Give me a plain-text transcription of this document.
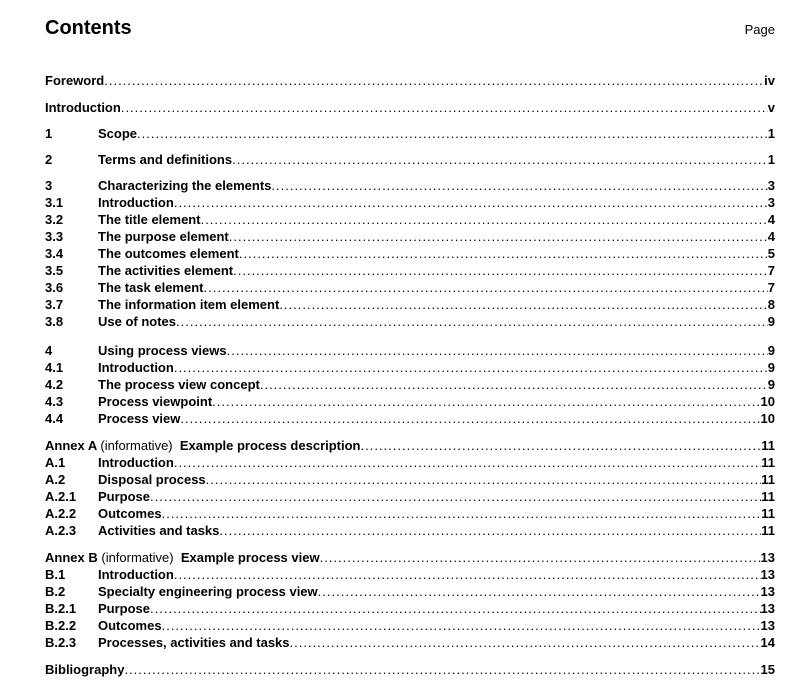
Contents	Page
Foreword .....	iv
Introduction .....	v
1	Scope .....	1
2	Terms and definitions .....	1
3	Characterizing the elements .....	3
3.1	Introduction .....	3
3.2	The title element .....	4
3.3	The purpose element .....	4
3.4	The outcomes element .....	5
3.5	The activities element .....	7
3.6	The task element .....	7
3.7	The information item element .....	8
3.8	Use of notes .....	9
4	Using process views .....	9
4.1	Introduction .....	9
4.2	The process view concept .....	9
4.3	Process viewpoint .....	10
4.4	Process view .....	10
Annex A (informative) Example process description .....	11
A.1	Introduction .....	11
A.2	Disposal process .....	11
A.2.1	Purpose .....	11
A.2.2	Outcomes .....	11
A.2.3	Activities and tasks .....	11
Annex B (informative) Example process view .....	13
B.1	Introduction .....	13
B.2	Specialty engineering process view .....	13
B.2.1	Purpose .....	13
B.2.2	Outcomes .....	13
B.2.3	Processes, activities and tasks .....	14
Bibliography .....	15
